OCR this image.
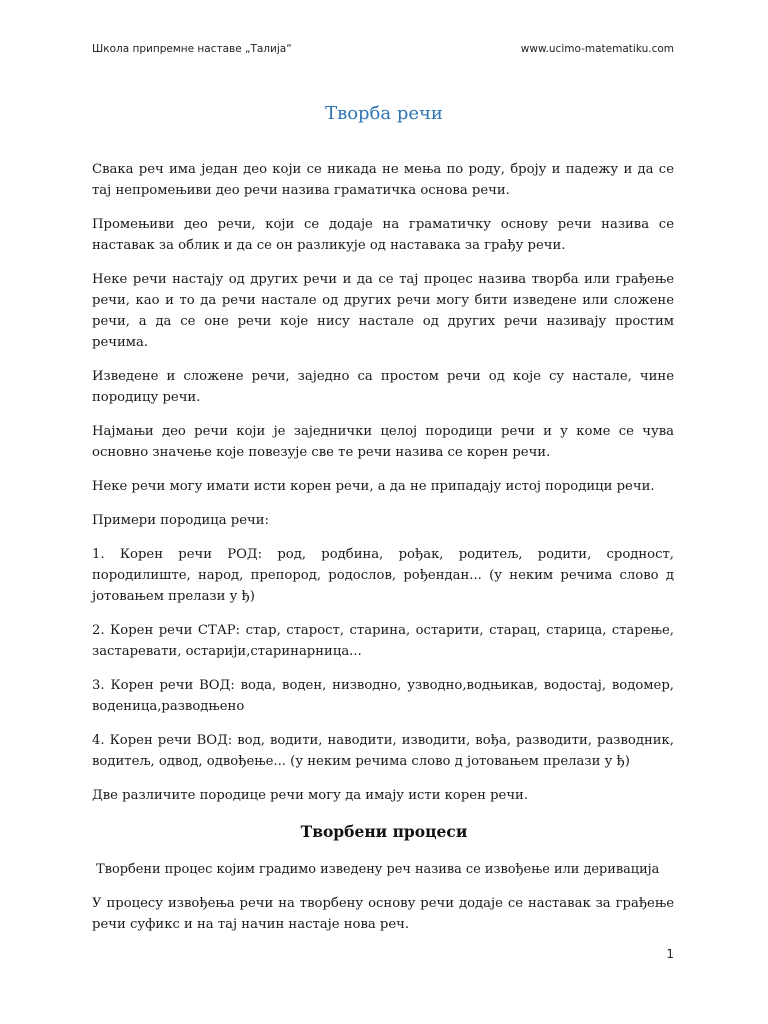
Школа припремне наставе „Талија“	www.ucimo-matematiku.com
Творба речи

Свака реч има један део који се никада не мења по роду, броју и падежу и да се тај непромењиви део речи назива граматичка основа речи.

Промењиви део речи, који се додаје на граматичку основу речи назива се наставак за облик и да се он разликује од наставака за грађу речи.

Неке речи настају од других речи и да се тај процес назива творба или грађење речи, као и то да речи настале од других речи могу бити изведене или сложене речи, а да се оне речи које нису настале од других речи називају простим речима.

Изведене и сложене речи, заједно са простом речи од које су настале, чине породицу речи.

Најмањи део речи који је заједнички целој породици речи и у коме се чува основно значење које повезује све те речи назива се корен речи.

Неке речи могу имати исти корен речи, а да не припадају истој породици речи.

Примери породица речи:

1. Корен речи РОД: род, родбина, рођак, родитељ, родити, сродност, породилиште, народ, препород, родослов, рођендан... (у неким речима слово д јотовањем прелази у ђ)

2. Корен речи СТАР: стар, старост, старина, остарити, старац, старица, старење, застаревати, остарији,старинарница...

3. Корен речи ВОД: вода, воден, низводно, узводно,водњикав, водостај, водомер, воденица,разводњено

4. Корен речи ВОД: вод, водити, наводити, изводити, вођа, разводити, разводник, водитељ, одвод, одвођење... (у неким речима слово д јотовањем прелази у ђ)

Две различите породице речи могу да имају исти корен речи.

Творбени процеси

Творбени процес којим градимо изведену реч назива се извођење или деривација

У процесу извођења речи на творбену основу речи додаје се наставак за грађење речи суфикс и на тај начин настаје нова реч.

1
